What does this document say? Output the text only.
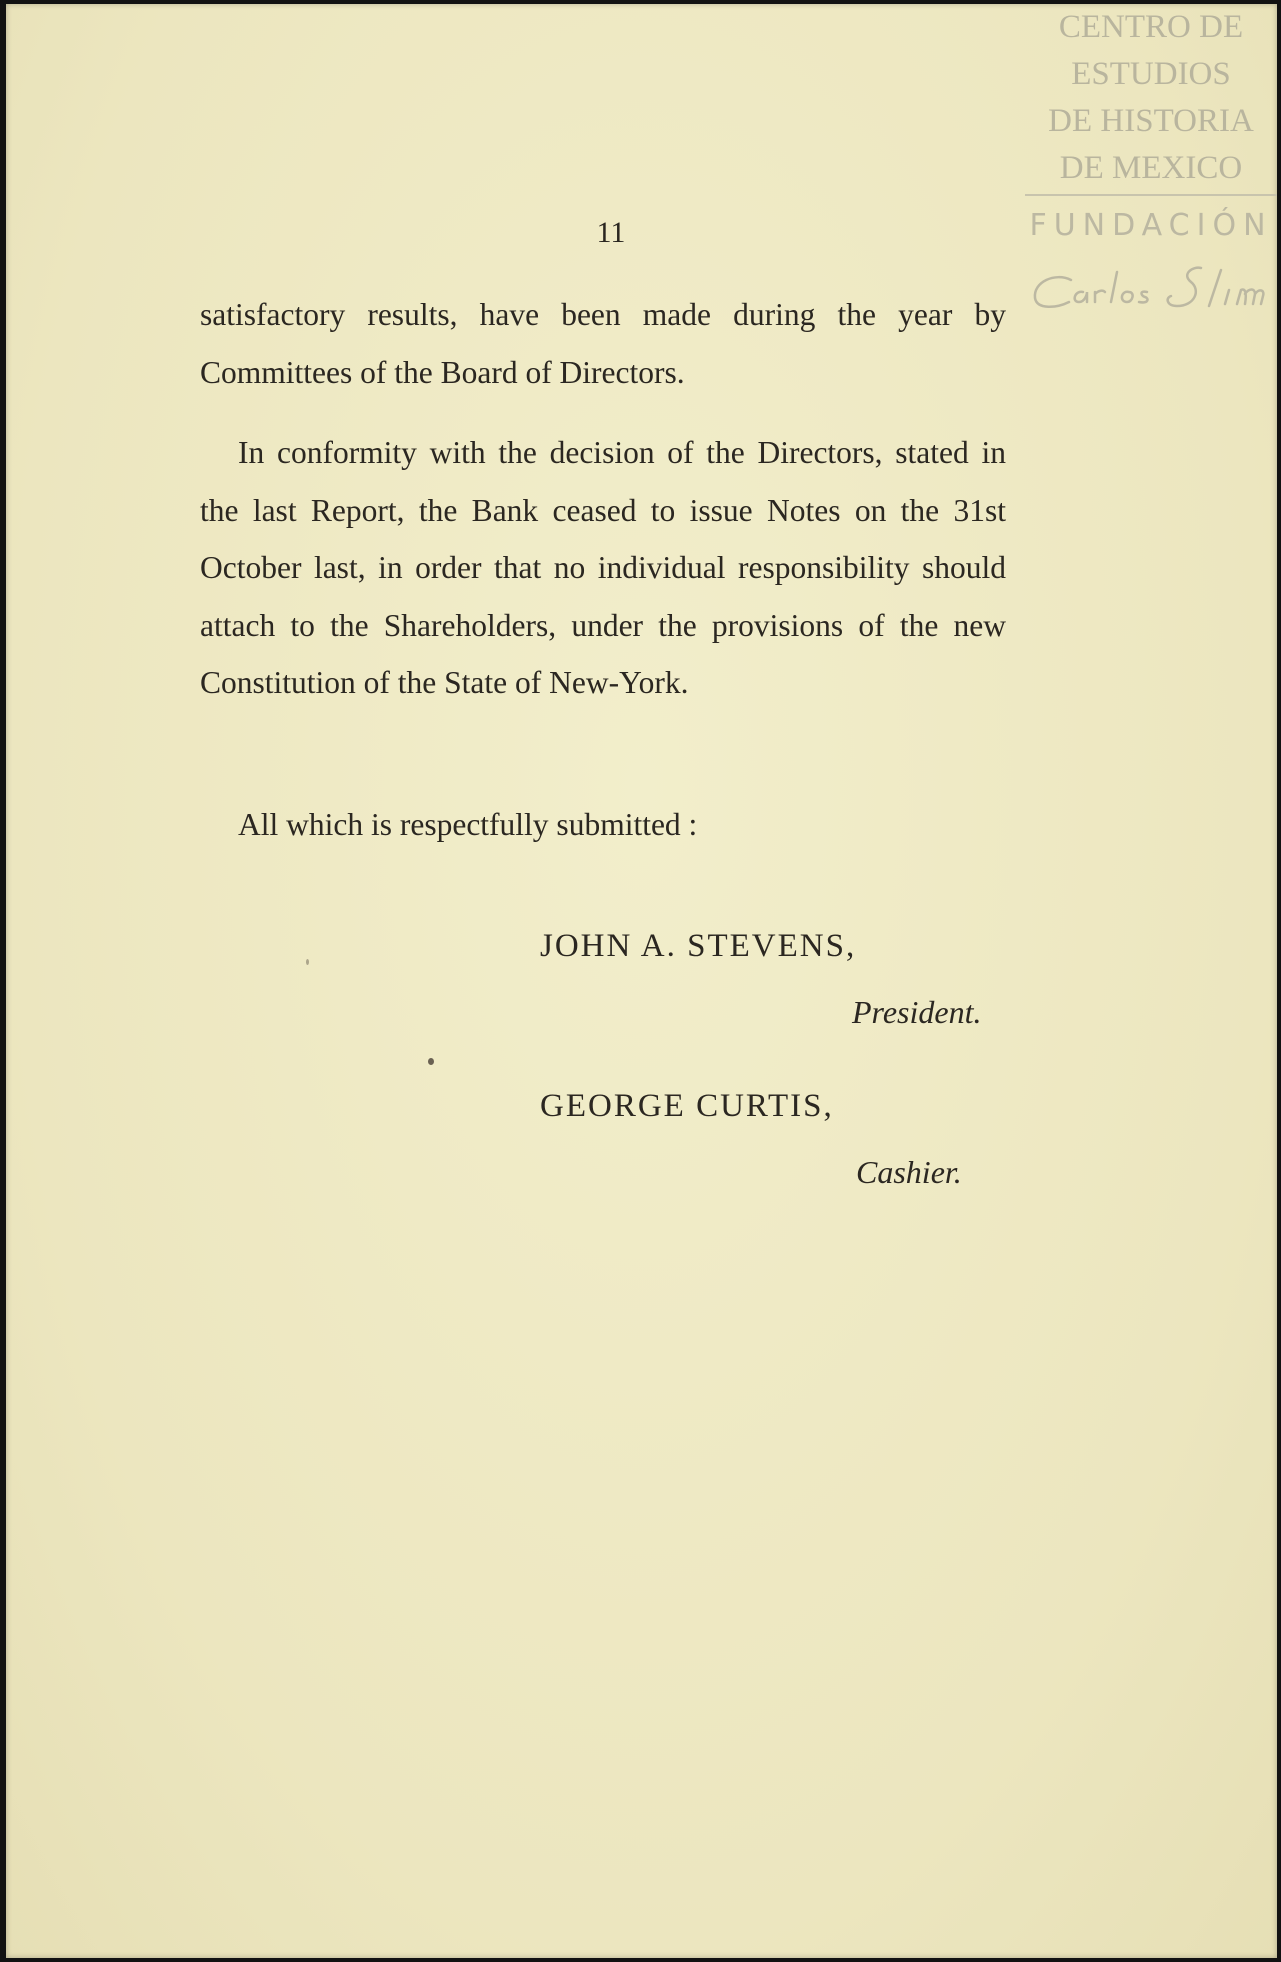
11

satisfactory results, have been made during the year by Committees of the Board of Directors.

In conformity with the decision of the Directors, stated in the last Report, the Bank ceased to issue Notes on the 31st October last, in order that no individual responsibility should attach to the Shareholders, under the provisions of the new Constitution of the State of New-York.

All which is respectfully submitted :

JOHN A. STEVENS,
President.
GEORGE CURTIS,
Cashier.
CENTRO DE
ESTUDIOS
DE HISTORIA
DE MEXICO
FUNDACIÓN
